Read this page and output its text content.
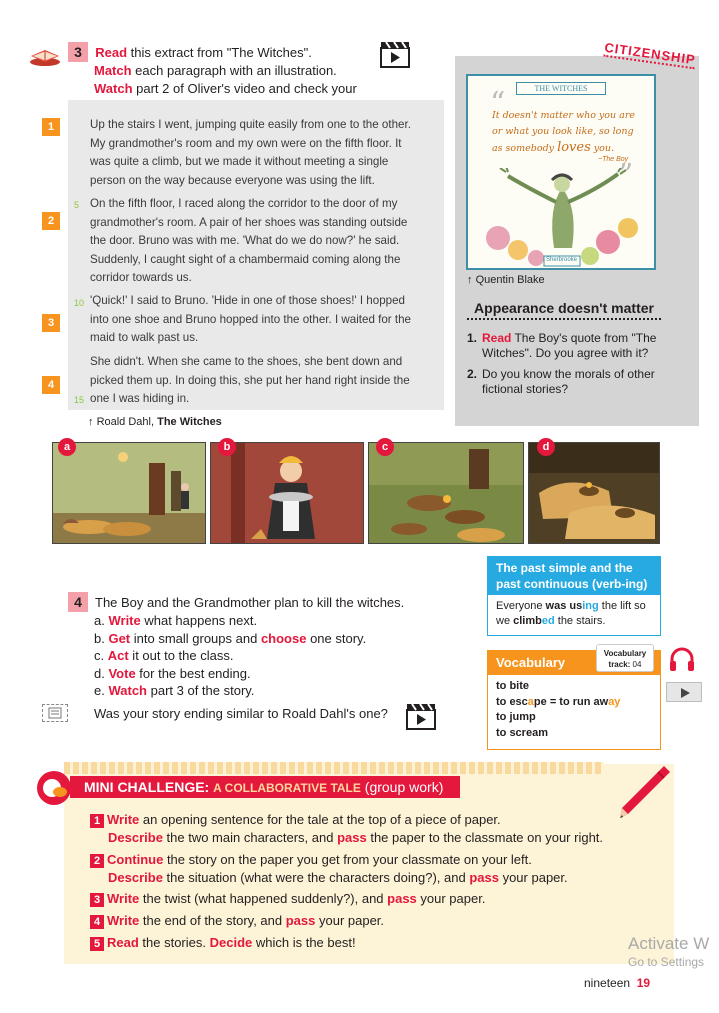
3 Read this extract from "The Witches".
Match each paragraph with an illustration.
Watch part 2 of Oliver's video and check your
1
2
3
4
Up the stairs I went, jumping quite easily from one to the other. My grandmother's room and my own were on the fifth floor. It was quite a climb, but we made it without meeting a single person on the way because everyone was using the lift.
5 On the fifth floor, I raced along the corridor to the door of my grandmother's room. A pair of her shoes was standing outside the door. Bruno was with me. 'What do we do now?' he said. Suddenly, I caught sight of a chambermaid coming along the corridor towards us.
10 'Quick!' I said to Bruno. 'Hide in one of those shoes!' I hopped into one shoe and Bruno hopped into the other. I waited for the maid to walk past us.
She didn't. When she came to the shoes, she bent down and picked them up. In doing this, she put her hand right inside the one I was hiding in.
15
↑ Roald Dahl, The Witches
CITIZENSHIP
THE WITCHES
“
It doesn't matter who you are or what you look like, so long as somebody loves you.
~The Boy
”
Sherbrooke
↑ Quentin Blake
Appearance doesn't matter
1. Read The Boy's quote from "The Witches". Do you agree with it?
2. Do you know the morals of other fictional stories?
a	b	c	d
4 The Boy and the Grandmother plan to kill the witches.
a. Write what happens next.
b. Get into small groups and choose one story.
c. Act it out to the class.
d. Vote for the best ending.
e. Watch part 3 of the story.
Was your story ending similar to Roald Dahl's one?
The past simple and the past continuous (verb-ing)
Everyone was using the lift so we climbed the stairs.
Vocabulary
to bite
to escape = to run away
to jump
to scream
Vocabulary
track: 04
MINI CHALLENGE: A COLLABORATIVE TALE (group work)
1 Write an opening sentence for the tale at the top of a piece of paper.
Describe the two main characters, and pass the paper to the classmate on your right.
2 Continue the story on the paper you get from your classmate on your left.
Describe the situation (what were the characters doing?), and pass your paper.
3 Write the twist (what happened suddenly?), and pass your paper.
4 Write the end of the story, and pass your paper.
5 Read the stories. Decide which is the best!	Activate W
Go to Settings
nineteen 19
